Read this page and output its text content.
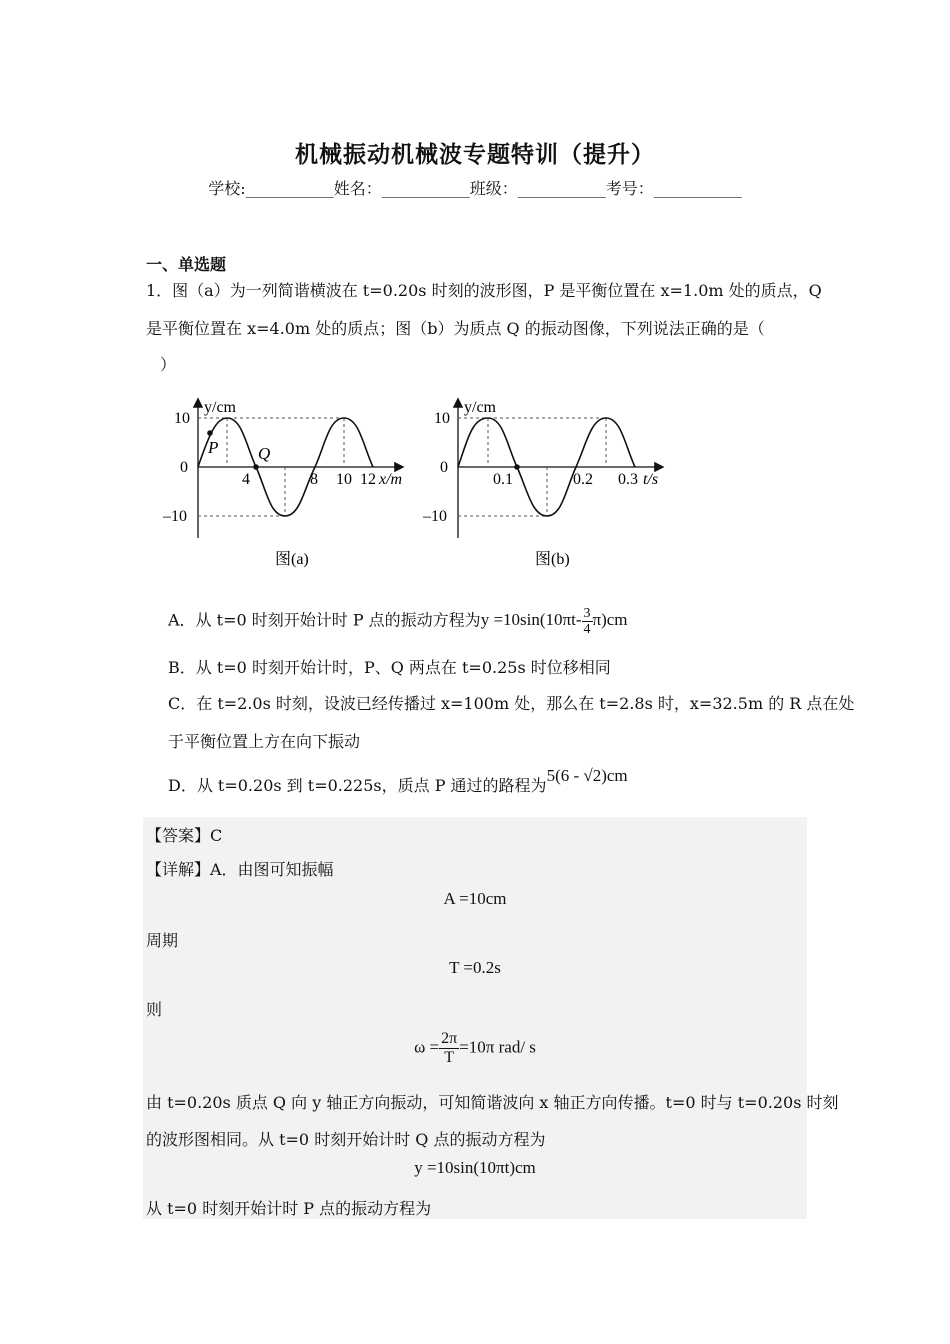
机械振动机械波专题特训（提升）
学校:___________姓名：___________班级：___________考号：___________
一、单选题
1．图（a）为一列简谐横波在 t=0.20s 时刻的波形图，P 是平衡位置在 x=1.0m 处的质点，Q
是平衡位置在 x=4.0m 处的质点；图（b）为质点 Q 的振动图像，下列说法正确的是（
）
y/cm
10
0
–10
4	8 10 12 x/m
P Q
图(a)
y/cm
10
0
–10
0.1	0.2 0.3 t/s
图(b)
A．从 t=0 时刻开始计时 P 点的振动方程为$y =10\sin(10\pi t- \frac{3}{4} \pi)cm$
B．从 t=0 时刻开始计时，P、Q 两点在 t=0.25s 时位移相同
C．在 t=2.0s 时刻，设波已经传播过 x=100m 处，那么在 t=2.8s 时，x=32.5m 的 R 点在处
于平衡位置上方在向下振动
D．从 t=0.20s 到 t=0.225s，质点 P 通过的路程为5(6 - √2)cm
【答案】C
【详解】A．由图可知振幅
A =10cm
周期
T =0.2s
则
$\omega = \frac{2\pi}{T} =10\pi$ rad/ s
由 t=0.20s 质点 Q 向 y 轴正方向振动，可知简谐波向 x 轴正方向传播。t=0 时与 t=0.20s 时刻
的波形图相同。从 t=0 时刻开始计时 Q 点的振动方程为
y =10sin(10πt)cm
从 t=0 时刻开始计时 P 点的振动方程为
